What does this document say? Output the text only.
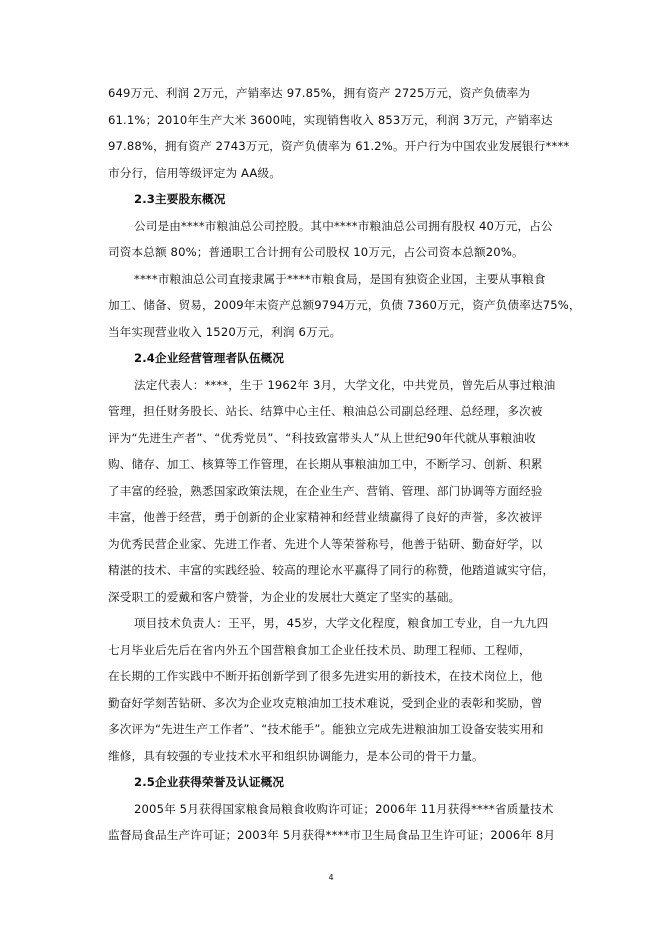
649万元、利润 2万元，产销率达 97.85%，拥有资产 2725万元，资产负债率为
61.1%；2010年生产大米 3600吨，实现销售收入 853万元，利润 3万元，产销率达
97.88%，拥有资产 2743万元，资产负债率为 61.2%。开户行为中国农业发展银行****
市分行，信用等级评定为 AA级。
2.3主要股东概况
公司是由****市粮油总公司控股。其中****市粮油总公司拥有股权 40万元，占公
司资本总额 80%；普通职工合计拥有公司股权 10万元，占公司资本总额20%。
****市粮油总公司直接隶属于****市粮食局，是国有独资企业国，主要从事粮食
加工、储备、贸易，2009年末资产总额9794万元，负债 7360万元，资产负债率达75%，
当年实现营业收入 1520万元，利润 6万元。
2.4企业经营管理者队伍概况
法定代表人：****，生于 1962年 3月，大学文化，中共党员，曾先后从事过粮油
管理，担任财务股长、站长、结算中心主任、粮油总公司副总经理、总经理，多次被
评为“先进生产者”、“优秀党员”、“科技致富带头人”从上世纪90年代就从事粮油收
购、储存、加工、核算等工作管理，在长期从事粮油加工中，不断学习、创新、积累
了丰富的经验，熟悉国家政策法规，在企业生产、营销、管理、部门协调等方面经验
丰富，他善于经营，勇于创新的企业家精神和经营业绩赢得了良好的声誉，多次被评
为优秀民营企业家、先进工作者、先进个人等荣誉称号，他善于钻研、勤奋好学，以
精湛的技术、丰富的实践经验、较高的理论水平赢得了同行的称赞，他踏道诚实守信，
深受职工的爱戴和客户赞誉，为企业的发展壮大奠定了坚实的基础。
项目技术负责人：王平，男，45岁，大学文化程度，粮食加工专业，自一九九四
七月毕业后先后在省内外五个国营粮食加工企业任技术员、助理工程师、工程师，
在长期的工作实践中不断开拓创新学到了很多先进实用的新技术，在技术岗位上，他
勤奋好学刻苦钻研、多次为企业攻克粮油加工技术难说，受到企业的表彰和奖励，曾
多次评为“先进生产工作者”、“技术能手”。能独立完成先进粮油加工设备安装实用和
维修，具有较强的专业技术水平和组织协调能力，是本公司的骨干力量。
2.5企业获得荣誉及认证概况
2005年 5月获得国家粮食局粮食收购许可证；2006年 11月获得****省质量技术
监督局食品生产许可证；2003年 5月获得****市卫生局食品卫生许可证；2006年 8月
4
